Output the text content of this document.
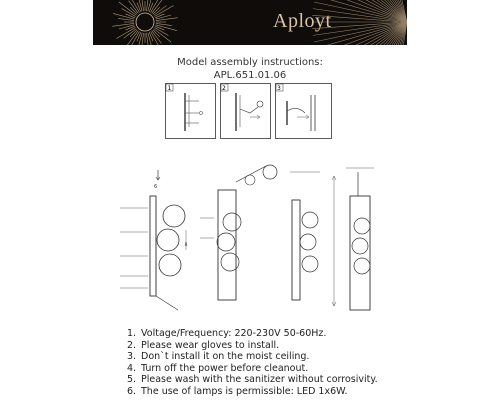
Aployt
Model assembly instructions:
APL.651.01.06
1	2	3
6
1. Voltage/Frequency: 220-230V 50-60Hz.
2. Please wear gloves to install.
3. Don`t install it on the moist ceiling.
4. Turn off the power before cleanout.
5. Please wash with the sanitizer without corrosivity.
6. The use of lamps is permissible: LED 1x6W.
